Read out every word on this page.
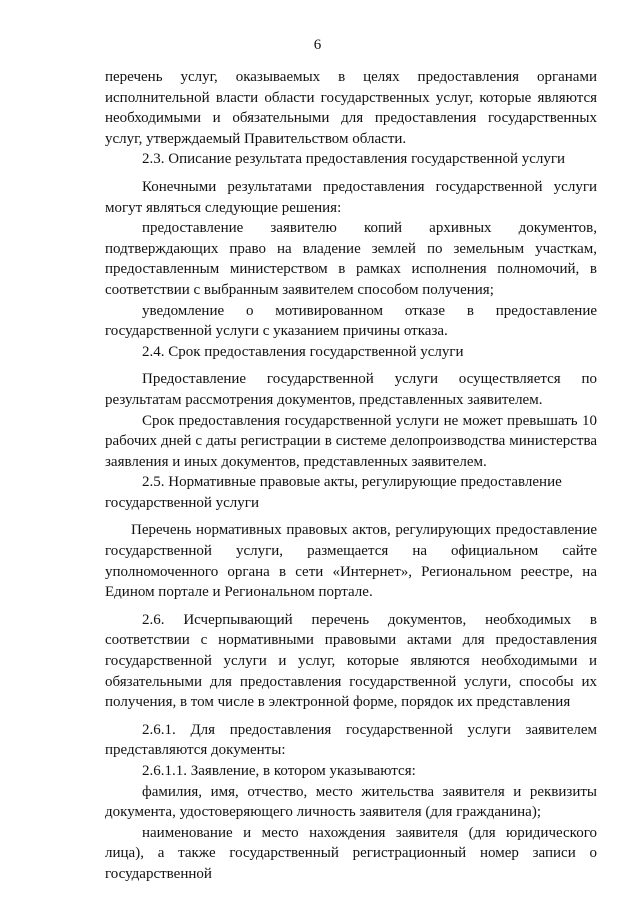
6

перечень услуг, оказываемых в целях предоставления органами исполнительной власти области государственных услуг, которые являются необходимыми и обязательными для предоставления государственных услуг, утверждаемый Правительством области.

2.3. Описание результата предоставления государственной услуги

Конечными результатами предоставления государственной услуги могут являться следующие решения:

предоставление заявителю копий архивных документов, подтверждающих право на владение землей по земельным участкам, предоставленным министерством в рамках исполнения полномочий, в соответствии с выбранным заявителем способом получения;

уведомление о мотивированном отказе в предоставление государственной услуги с указанием причины отказа.

2.4. Срок предоставления государственной услуги

Предоставление государственной услуги осуществляется по результатам рассмотрения документов, представленных заявителем.

Срок предоставления государственной услуги не может превышать 10 рабочих дней с даты регистрации в системе делопроизводства министерства заявления и иных документов, представленных заявителем.

2.5. Нормативные правовые акты, регулирующие предоставление государственной услуги

Перечень нормативных правовых актов, регулирующих предоставление государственной услуги, размещается на официальном сайте уполномоченного органа в сети «Интернет», Региональном реестре, на Едином портале и Региональном портале.

2.6. Исчерпывающий перечень документов, необходимых в соответствии с нормативными правовыми актами для предоставления государственной услуги и услуг, которые являются необходимыми и обязательными для предоставления государственной услуги, способы их получения, в том числе в электронной форме, порядок их представления

2.6.1. Для предоставления государственной услуги заявителем представляются документы:

2.6.1.1. Заявление, в котором указываются:

фамилия, имя, отчество, место жительства заявителя и реквизиты документа, удостоверяющего личность заявителя (для гражданина);

наименование и место нахождения заявителя (для юридического лица), а также государственный регистрационный номер записи о государственной
